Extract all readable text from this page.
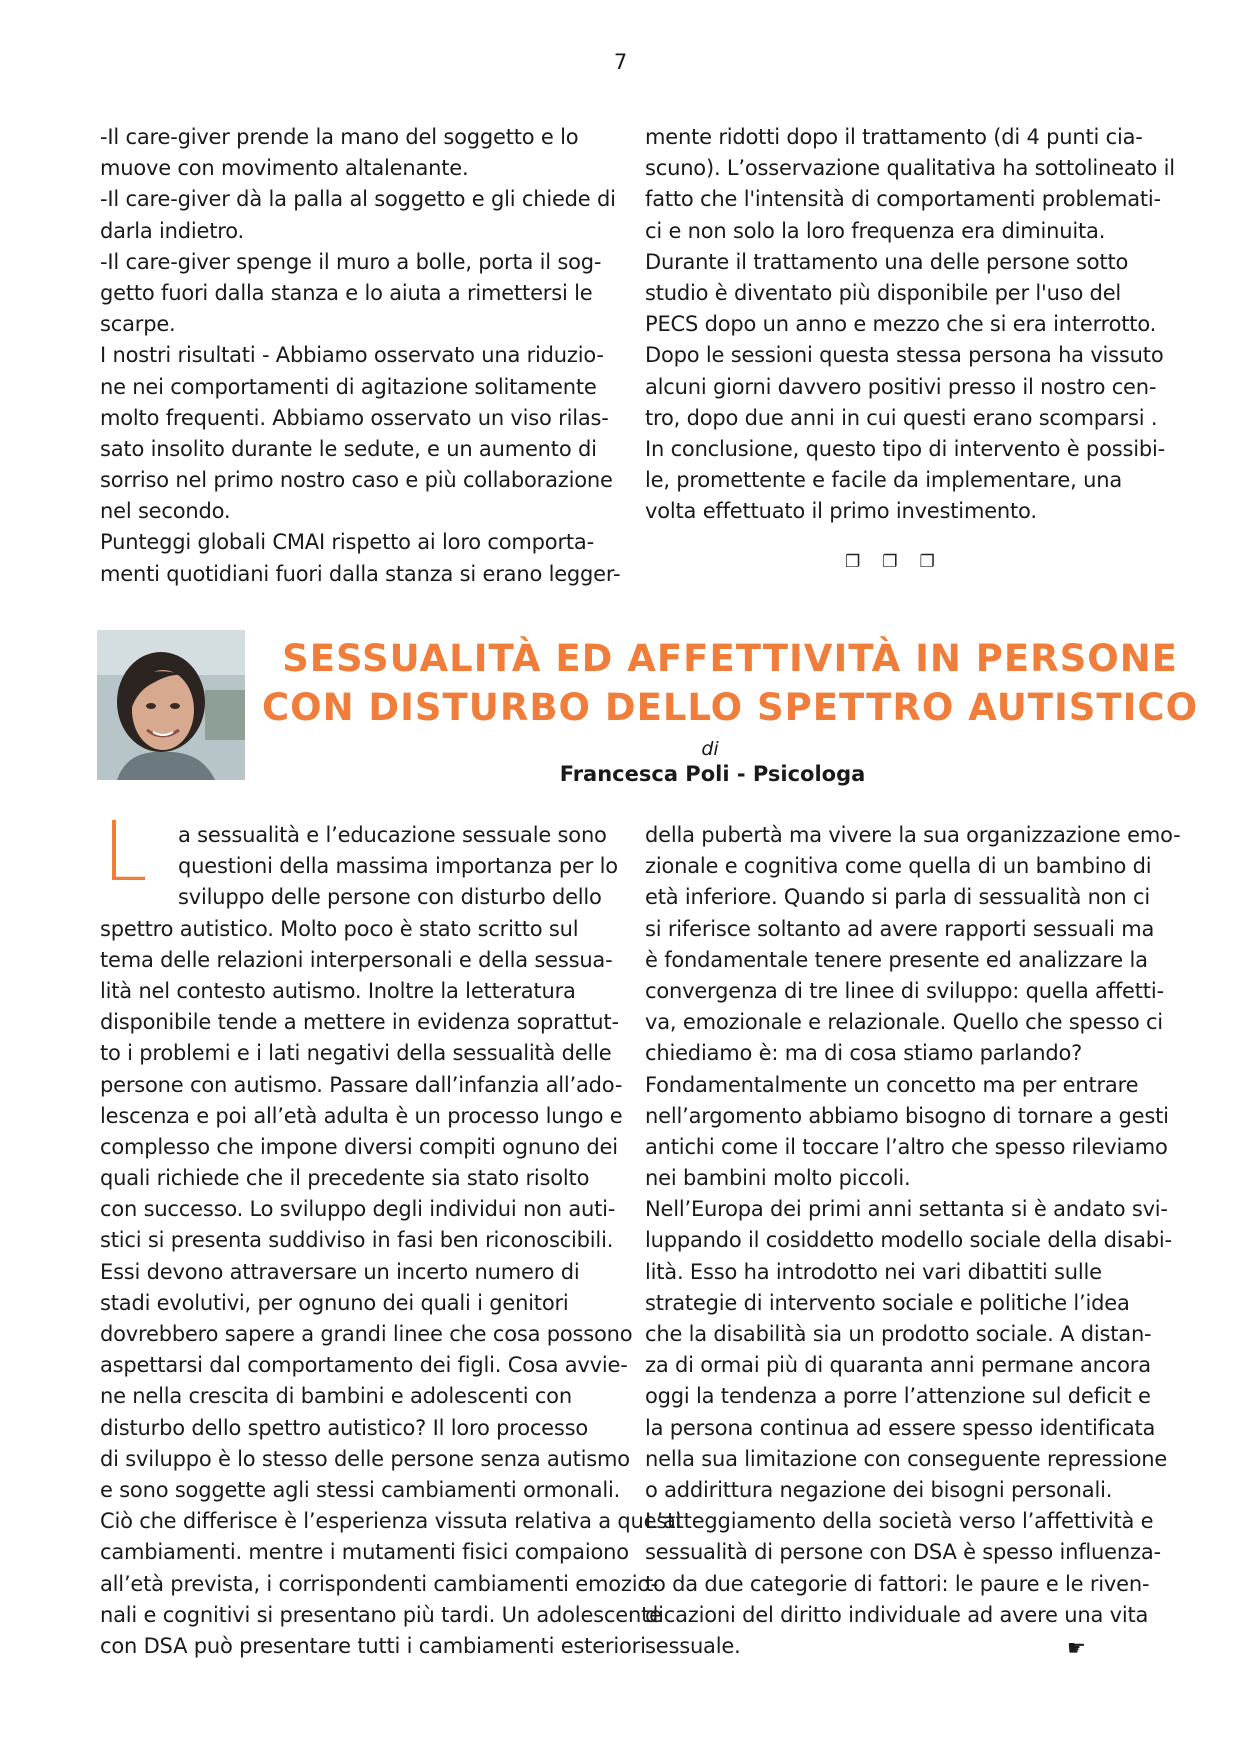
7
-Il care-giver prende la mano del soggetto e lo
muove con movimento altalenante.
-Il care-giver dà la palla al soggetto e gli chiede di
darla indietro.
-Il care-giver spenge il muro a bolle, porta il sog-
getto fuori dalla stanza e lo aiuta a rimettersi le
scarpe.
I nostri risultati - Abbiamo osservato una riduzio-
ne nei comportamenti di agitazione solitamente
molto frequenti. Abbiamo osservato un viso rilas-
sato insolito durante le sedute, e un aumento di
sorriso nel primo nostro caso e più collaborazione
nel secondo.
Punteggi globali CMAI rispetto ai loro comporta-
menti quotidiani fuori dalla stanza si erano legger-
mente ridotti dopo il trattamento (di 4 punti cia-
scuno). L’osservazione qualitativa ha sottolineato il
fatto che l'intensità di comportamenti problemati-
ci e non solo la loro frequenza era diminuita.
Durante il trattamento una delle persone sotto
studio è diventato più disponibile per l'uso del
PECS dopo un anno e mezzo che si era interrotto.
Dopo le sessioni questa stessa persona ha vissuto
alcuni giorni davvero positivi presso il nostro cen-
tro, dopo due anni in cui questi erano scomparsi .
In conclusione, questo tipo di intervento è possibi-
le, promettente e facile da implementare, una
volta effettuato il primo investimento.
❐❐❐
SESSUALITÀ ED AFFETTIVITÀ IN PERSONE
CON DISTURBO DELLO SPETTRO AUTISTICO
di
Francesca Poli - Psicologa
L	a sessualità e l’educazione sessuale sono
questioni della massima importanza per lo
sviluppo delle persone con disturbo dello
spettro autistico. Molto poco è stato scritto sul
tema delle relazioni interpersonali e della sessua-
lità nel contesto autismo. Inoltre la letteratura
disponibile tende a mettere in evidenza soprattut-
to i problemi e i lati negativi della sessualità delle
persone con autismo. Passare dall’infanzia all’ado-
lescenza e poi all’età adulta è un processo lungo e
complesso che impone diversi compiti ognuno dei
quali richiede che il precedente sia stato risolto
con successo. Lo sviluppo degli individui non auti-
stici si presenta suddiviso in fasi ben riconoscibili.
Essi devono attraversare un incerto numero di
stadi evolutivi, per ognuno dei quali i genitori
dovrebbero sapere a grandi linee che cosa possono
aspettarsi dal comportamento dei figli. Cosa avvie-
ne nella crescita di bambini e adolescenti con
disturbo dello spettro autistico? Il loro processo
di sviluppo è lo stesso delle persone senza autismo
e sono soggette agli stessi cambiamenti ormonali.
Ciò che differisce è l’esperienza vissuta relativa a questi
cambiamenti. mentre i mutamenti fisici compaiono
all’età prevista, i corrispondenti cambiamenti emozio-
nali e cognitivi si presentano più tardi. Un adolescente
con DSA può presentare tutti i cambiamenti esteriori
della pubertà ma vivere la sua organizzazione emo-
zionale e cognitiva come quella di un bambino di
età inferiore. Quando si parla di sessualità non ci
si riferisce soltanto ad avere rapporti sessuali ma
è fondamentale tenere presente ed analizzare la
convergenza di tre linee di sviluppo: quella affetti-
va, emozionale e relazionale. Quello che spesso ci
chiediamo è: ma di cosa stiamo parlando?
Fondamentalmente un concetto ma per entrare
nell’argomento abbiamo bisogno di tornare a gesti
antichi come il toccare l’altro che spesso rileviamo
nei bambini molto piccoli.
Nell’Europa dei primi anni settanta si è andato svi-
luppando il cosiddetto modello sociale della disabi-
lità. Esso ha introdotto nei vari dibattiti sulle
strategie di intervento sociale e politiche l’idea
che la disabilità sia un prodotto sociale. A distan-
za di ormai più di quaranta anni permane ancora
oggi la tendenza a porre l’attenzione sul deficit e
la persona continua ad essere spesso identificata
nella sua limitazione con conseguente repressione
o addirittura negazione dei bisogni personali.
L’atteggiamento della società verso l’affettività e
sessualità di persone con DSA è spesso influenza-
to da due categorie di fattori: le paure e le riven-
dicazioni del diritto individuale ad avere una vita
sessuale.	☛
